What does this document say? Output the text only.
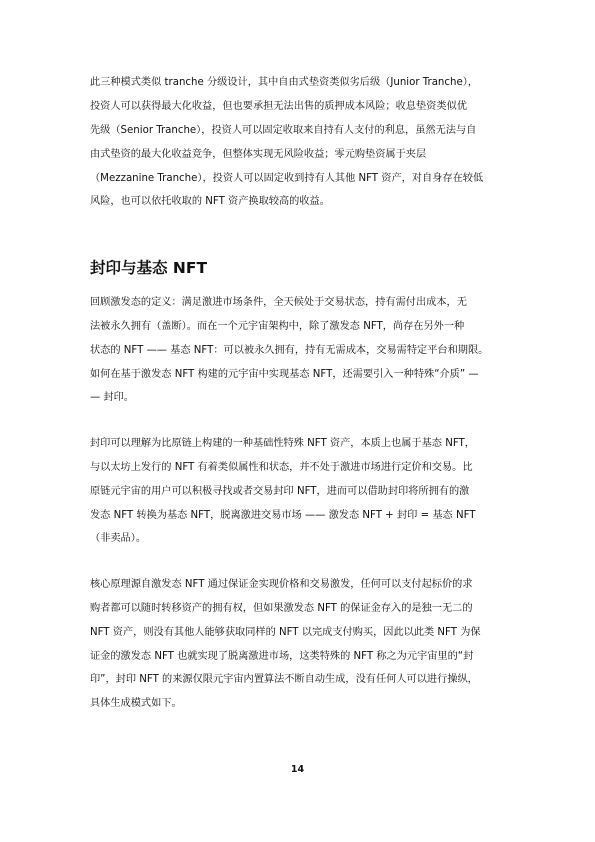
此三种模式类似 tranche 分级设计，其中自由式垫资类似劣后级（Junior Tranche），
投资人可以获得最大化收益，但也要承担无法出售的质押成本风险；收息垫资类似优
先级（Senior Tranche），投资人可以固定收取来自持有人支付的利息，虽然无法与自
由式垫资的最大化收益竞争，但整体实现无风险收益；零元购垫资属于夹层
（Mezzanine Tranche），投资人可以固定收到持有人其他 NFT 资产，对自身存在较低
风险，也可以依托收取的 NFT 资产换取较高的收益。
封印与基态 NFT
回顾激发态的定义：满足激进市场条件，全天候处于交易状态，持有需付出成本，无
法被永久拥有（盖断）。而在一个元宇宙架构中，除了激发态 NFT，尚存在另外一种
状态的 NFT —— 基态 NFT：可以被永久拥有，持有无需成本，交易需特定平台和期限。
如何在基于激发态 NFT 构建的元宇宙中实现基态 NFT，还需要引入一种特殊“介质” —
— 封印。
封印可以理解为比原链上构建的一种基础性特殊 NFT 资产，本质上也属于基态 NFT，
与以太坊上发行的 NFT 有着类似属性和状态，并不处于激进市场进行定价和交易。比
原链元宇宙的用户可以积极寻找或者交易封印 NFT，进而可以借助封印将所拥有的激
发态 NFT 转换为基态 NFT，脱离激进交易市场 —— 激发态 NFT + 封印 = 基态 NFT
（非卖品）。
核心原理源自激发态 NFT 通过保证金实现价格和交易激发，任何可以支付起标价的求
购者都可以随时转移资产的拥有权，但如果激发态 NFT 的保证金存入的是独一无二的
NFT 资产，则没有其他人能够获取同样的 NFT 以完成支付购买，因此以此类 NFT 为保
证金的激发态 NFT 也就实现了脱离激进市场，这类特殊的 NFT 称之为元宇宙里的“封
印”，封印 NFT 的来源仅限元宇宙内置算法不断自动生成，没有任何人可以进行操纵，
具体生成模式如下。
14
